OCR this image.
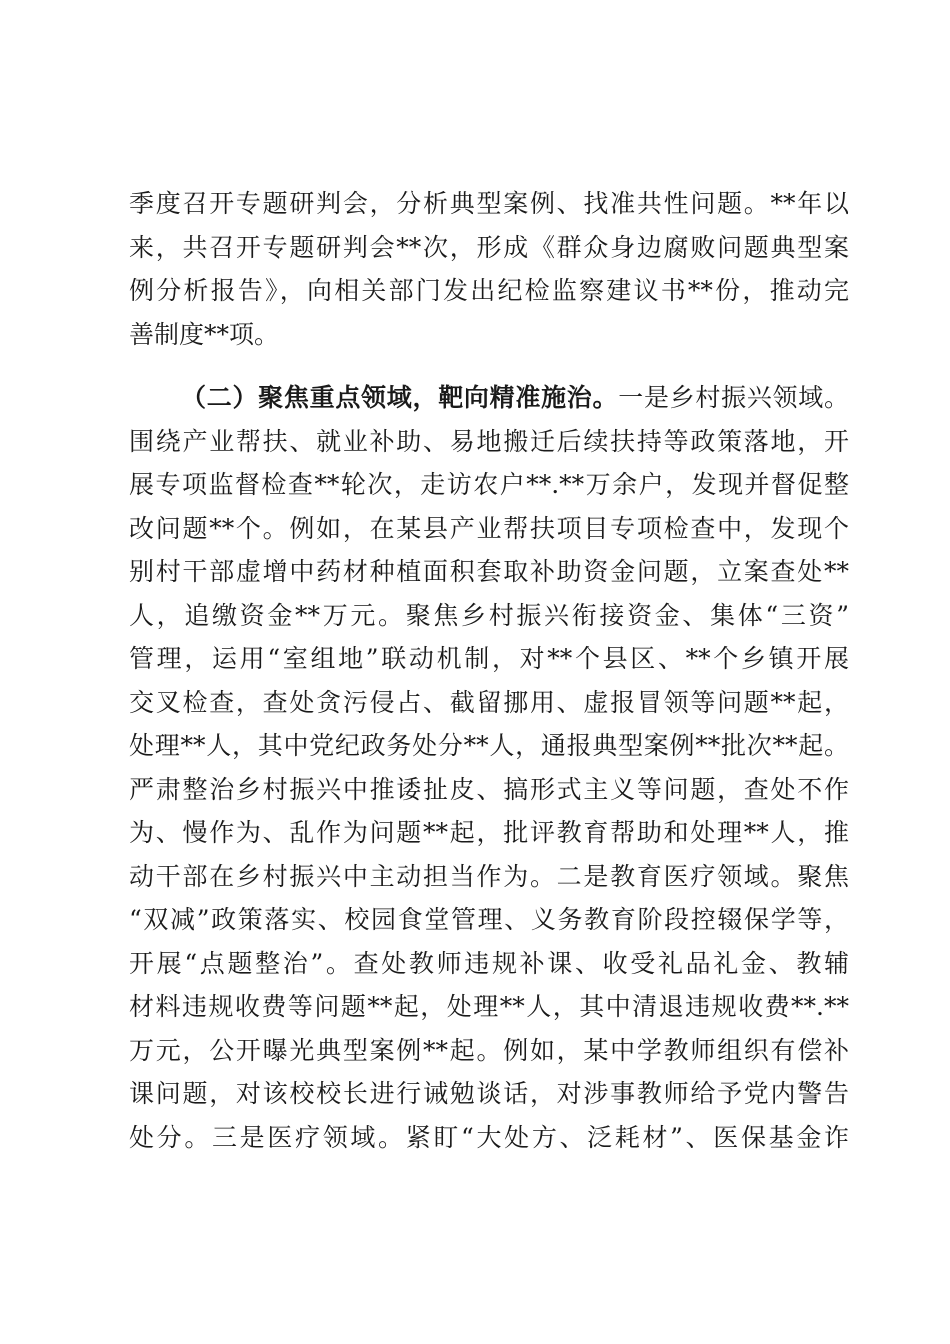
季度召开专题研判会，分析典型案例、找准共性问题。**年以
来，共召开专题研判会**次，形成《群众身边腐败问题典型案
例分析报告》，向相关部门发出纪检监察建议书**份，推动完
善制度**项。
（二）聚焦重点领域，靶向精准施治。一是乡村振兴领域。
围绕产业帮扶、就业补助、易地搬迁后续扶持等政策落地，开
展专项监督检查**轮次，走访农户**.**万余户，发现并督促整
改问题**个。例如，在某县产业帮扶项目专项检查中，发现个
别村干部虚增中药材种植面积套取补助资金问题，立案查处**
人，追缴资金**万元。聚焦乡村振兴衔接资金、集体“三资”
管理，运用“室组地”联动机制，对**个县区、**个乡镇开展
交叉检查，查处贪污侵占、截留挪用、虚报冒领等问题**起，
处理**人，其中党纪政务处分**人，通报典型案例**批次**起。
严肃整治乡村振兴中推诿扯皮、搞形式主义等问题，查处不作
为、慢作为、乱作为问题**起，批评教育帮助和处理**人，推
动干部在乡村振兴中主动担当作为。二是教育医疗领域。聚焦
“双减”政策落实、校园食堂管理、义务教育阶段控辍保学等，
开展“点题整治”。查处教师违规补课、收受礼品礼金、教辅
材料违规收费等问题**起，处理**人，其中清退违规收费**.**
万元，公开曝光典型案例**起。例如，某中学教师组织有偿补
课问题，对该校校长进行诫勉谈话，对涉事教师给予党内警告
处分。三是医疗领域。紧盯“大处方、泛耗材”、医保基金诈
